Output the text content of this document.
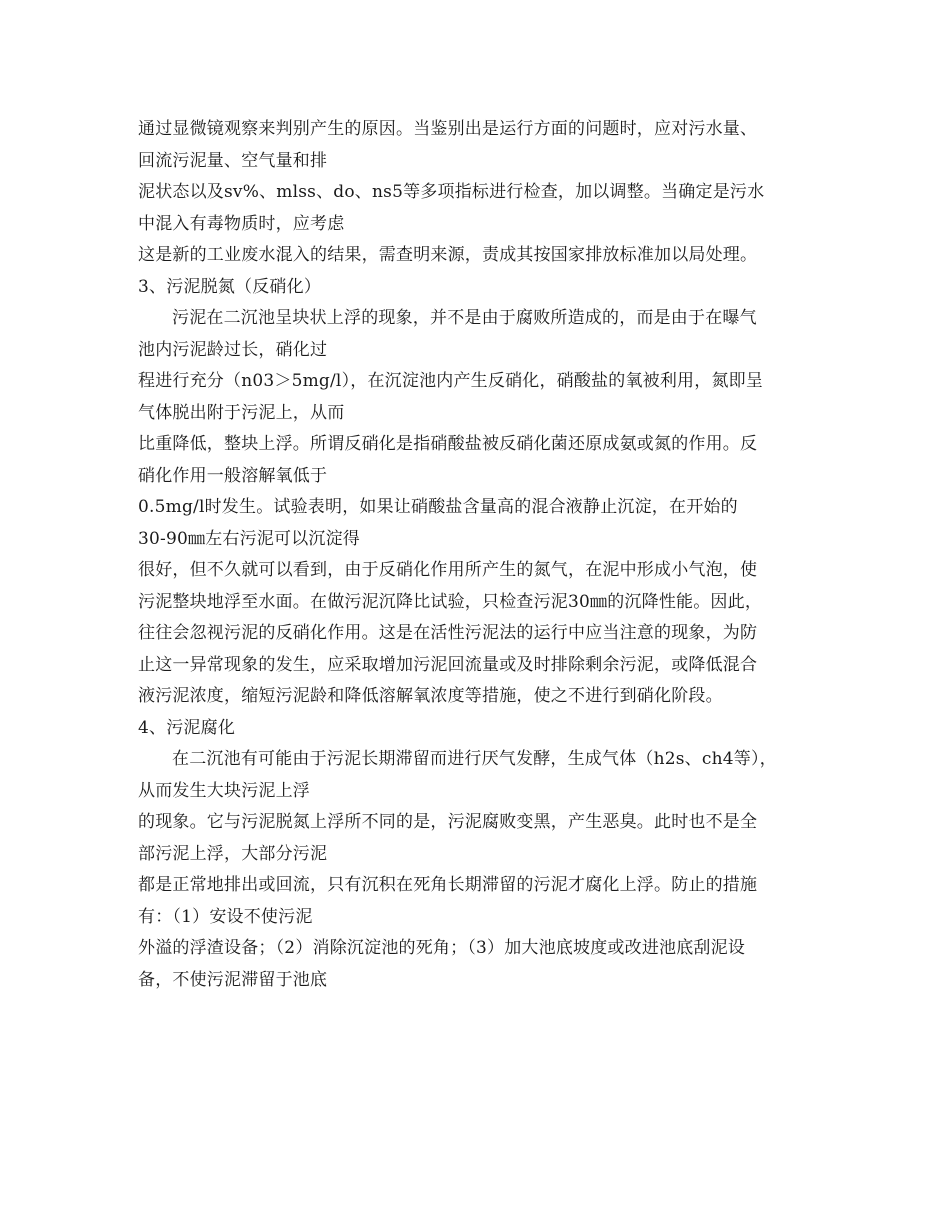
通过显微镜观察来判别产生的原因。当鉴别出是运行方面的问题时，应对污水量、
回流污泥量、空气量和排
泥状态以及sv%、mlss、do、ns5等多项指标进行检查，加以调整。当确定是污水
中混入有毒物质时，应考虑
这是新的工业废水混入的结果，需查明来源，责成其按国家排放标准加以局处理。
3、污泥脱氮（反硝化）
污泥在二沉池呈块状上浮的现象，并不是由于腐败所造成的，而是由于在曝气
池内污泥龄过长，硝化过
程进行充分（n03＞5mg/l），在沉淀池内产生反硝化，硝酸盐的氧被利用，氮即呈
气体脱出附于污泥上，从而
比重降低，整块上浮。所谓反硝化是指硝酸盐被反硝化菌还原成氨或氮的作用。反
硝化作用一般溶解氧低于
0.5mg/l时发生。试验表明，如果让硝酸盐含量高的混合液静止沉淀，在开始的
30-90㎜左右污泥可以沉淀得
很好，但不久就可以看到，由于反硝化作用所产生的氮气，在泥中形成小气泡，使
污泥整块地浮至水面。在做污泥沉降比试验，只检查污泥30㎜的沉降性能。因此，
往往会忽视污泥的反硝化作用。这是在活性污泥法的运行中应当注意的现象，为防
止这一异常现象的发生，应采取增加污泥回流量或及时排除剩余污泥，或降低混合
液污泥浓度，缩短污泥龄和降低溶解氧浓度等措施，使之不进行到硝化阶段。
4、污泥腐化
在二沉池有可能由于污泥长期滞留而进行厌气发酵，生成气体（h2s、ch4等），
从而发生大块污泥上浮
的现象。它与污泥脱氮上浮所不同的是，污泥腐败变黑，产生恶臭。此时也不是全
部污泥上浮，大部分污泥
都是正常地排出或回流，只有沉积在死角长期滞留的污泥才腐化上浮。防止的措施
有：（1）安设不使污泥
外溢的浮渣设备；（2）消除沉淀池的死角；（3）加大池底坡度或改进池底刮泥设
备，不使污泥滞留于池底
